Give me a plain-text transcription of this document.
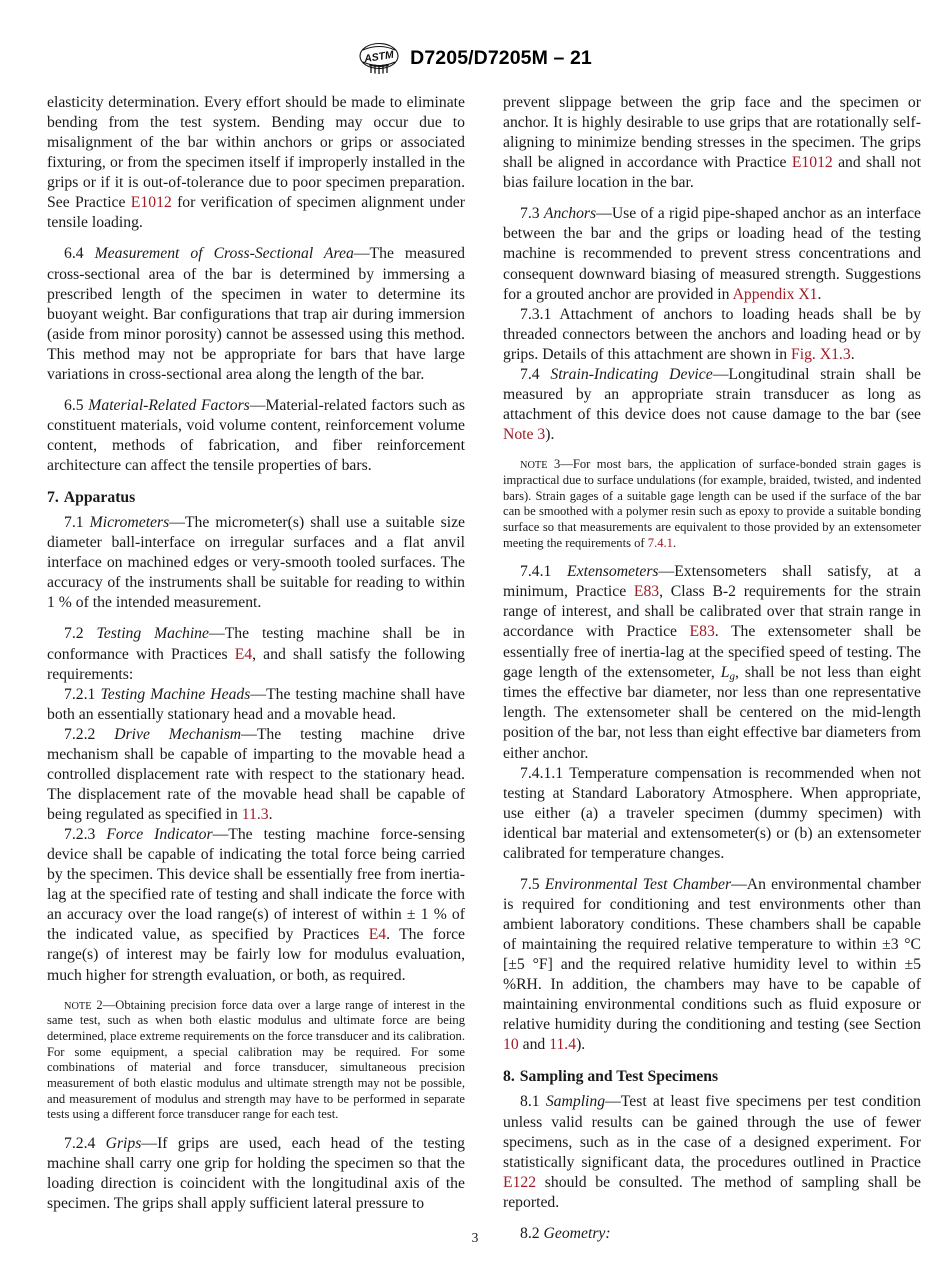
ASTM D7205/D7205M – 21

elasticity determination. Every effort should be made to eliminate bending from the test system. Bending may occur due to misalignment of the bar within anchors or grips or associated fixturing, or from the specimen itself if improperly installed in the grips or if it is out-of-tolerance due to poor specimen preparation. See Practice E1012 for verification of specimen alignment under tensile loading.

6.4 Measurement of Cross-Sectional Area—The measured cross-sectional area of the bar is determined by immersing a prescribed length of the specimen in water to determine its buoyant weight. Bar configurations that trap air during immersion (aside from minor porosity) cannot be assessed using this method. This method may not be appropriate for bars that have large variations in cross-sectional area along the length of the bar.

6.5 Material-Related Factors—Material-related factors such as constituent materials, void volume content, reinforcement volume content, methods of fabrication, and fiber reinforcement architecture can affect the tensile properties of bars.

7. Apparatus

7.1 Micrometers—The micrometer(s) shall use a suitable size diameter ball-interface on irregular surfaces and a flat anvil interface on machined edges or very-smooth tooled surfaces. The accuracy of the instruments shall be suitable for reading to within 1 % of the intended measurement.

7.2 Testing Machine—The testing machine shall be in conformance with Practices E4, and shall satisfy the following requirements:

7.2.1 Testing Machine Heads—The testing machine shall have both an essentially stationary head and a movable head.

7.2.2 Drive Mechanism—The testing machine drive mechanism shall be capable of imparting to the movable head a controlled displacement rate with respect to the stationary head. The displacement rate of the movable head shall be capable of being regulated as specified in 11.3.

7.2.3 Force Indicator—The testing machine force-sensing device shall be capable of indicating the total force being carried by the specimen. This device shall be essentially free from inertia-lag at the specified rate of testing and shall indicate the force with an accuracy over the load range(s) of interest of within ± 1 % of the indicated value, as specified by Practices E4. The force range(s) of interest may be fairly low for modulus evaluation, much higher for strength evaluation, or both, as required.

NOTE 2—Obtaining precision force data over a large range of interest in the same test, such as when both elastic modulus and ultimate force are being determined, place extreme requirements on the force transducer and its calibration. For some equipment, a special calibration may be required. For some combinations of material and force transducer, simultaneous precision measurement of both elastic modulus and ultimate strength may not be possible, and measurement of modulus and strength may have to be performed in separate tests using a different force transducer range for each test.

7.2.4 Grips—If grips are used, each head of the testing machine shall carry one grip for holding the specimen so that the loading direction is coincident with the longitudinal axis of the specimen. The grips shall apply sufficient lateral pressure to

prevent slippage between the grip face and the specimen or anchor. It is highly desirable to use grips that are rotationally self-aligning to minimize bending stresses in the specimen. The grips shall be aligned in accordance with Practice E1012 and shall not bias failure location in the bar.

7.3 Anchors—Use of a rigid pipe-shaped anchor as an interface between the bar and the grips or loading head of the testing machine is recommended to prevent stress concentrations and consequent downward biasing of measured strength. Suggestions for a grouted anchor are provided in Appendix X1.

7.3.1 Attachment of anchors to loading heads shall be by threaded connectors between the anchors and loading head or by grips. Details of this attachment are shown in Fig. X1.3.

7.4 Strain-Indicating Device—Longitudinal strain shall be measured by an appropriate strain transducer as long as attachment of this device does not cause damage to the bar (see Note 3).

NOTE 3—For most bars, the application of surface-bonded strain gages is impractical due to surface undulations (for example, braided, twisted, and indented bars). Strain gages of a suitable gage length can be used if the surface of the bar can be smoothed with a polymer resin such as epoxy to provide a suitable bonding surface so that measurements are equivalent to those provided by an extensometer meeting the requirements of 7.4.1.

7.4.1 Extensometers—Extensometers shall satisfy, at a minimum, Practice E83, Class B-2 requirements for the strain range of interest, and shall be calibrated over that strain range in accordance with Practice E83. The extensometer shall be essentially free of inertia-lag at the specified speed of testing. The gage length of the extensometer, $L_g$, shall be not less than eight times the effective bar diameter, nor less than one representative length. The extensometer shall be centered on the mid-length position of the bar, not less than eight effective bar diameters from either anchor.

7.4.1.1 Temperature compensation is recommended when not testing at Standard Laboratory Atmosphere. When appropriate, use either (a) a traveler specimen (dummy specimen) with identical bar material and extensometer(s) or (b) an extensometer calibrated for temperature changes.

7.5 Environmental Test Chamber—An environmental chamber is required for conditioning and test environments other than ambient laboratory conditions. These chambers shall be capable of maintaining the required relative temperature to within ±3 °C [±5 °F] and the required relative humidity level to within ±5 %RH. In addition, the chambers may have to be capable of maintaining environmental conditions such as fluid exposure or relative humidity during the conditioning and testing (see Section 10 and 11.4).

8. Sampling and Test Specimens

8.1 Sampling—Test at least five specimens per test condition unless valid results can be gained through the use of fewer specimens, such as in the case of a designed experiment. For statistically significant data, the procedures outlined in Practice E122 should be consulted. The method of sampling shall be reported.

8.2 Geometry:

3
